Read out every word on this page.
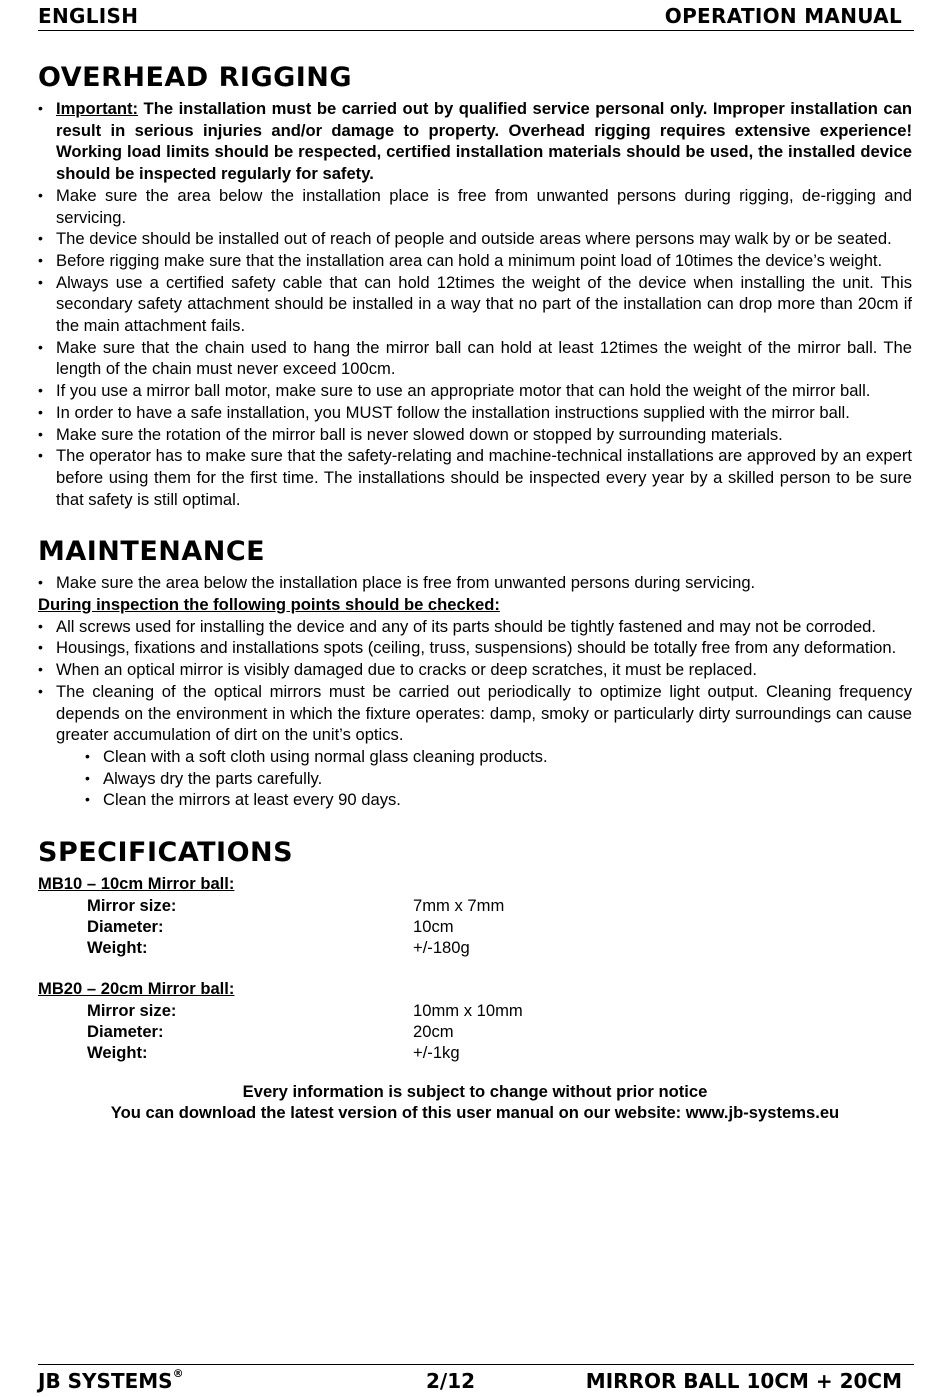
ENGLISH	OPERATION MANUAL
OVERHEAD RIGGING
• Important: The installation must be carried out by qualified service personal only. Improper installation can result in serious injuries and/or damage to property. Overhead rigging requires extensive experience! Working load limits should be respected, certified installation materials should be used, the installed device should be inspected regularly for safety.
• Make sure the area below the installation place is free from unwanted persons during rigging, de-rigging and servicing.
• The device should be installed out of reach of people and outside areas where persons may walk by or be seated.
• Before rigging make sure that the installation area can hold a minimum point load of 10times the device’s weight.
• Always use a certified safety cable that can hold 12times the weight of the device when installing the unit. This secondary safety attachment should be installed in a way that no part of the installation can drop more than 20cm if the main attachment fails.
• Make sure that the chain used to hang the mirror ball can hold at least 12times the weight of the mirror ball. The length of the chain must never exceed 100cm.
• If you use a mirror ball motor, make sure to use an appropriate motor that can hold the weight of the mirror ball.
• In order to have a safe installation, you MUST follow the installation instructions supplied with the mirror ball.
• Make sure the rotation of the mirror ball is never slowed down or stopped by surrounding materials.
• The operator has to make sure that the safety-relating and machine-technical installations are approved by an expert before using them for the first time. The installations should be inspected every year by a skilled person to be sure that safety is still optimal.
MAINTENANCE
• Make sure the area below the installation place is free from unwanted persons during servicing.
During inspection the following points should be checked:
• All screws used for installing the device and any of its parts should be tightly fastened and may not be corroded.
• Housings, fixations and installations spots (ceiling, truss, suspensions) should be totally free from any deformation.
• When an optical mirror is visibly damaged due to cracks or deep scratches, it must be replaced.
• The cleaning of the optical mirrors must be carried out periodically to optimize light output. Cleaning frequency depends on the environment in which the fixture operates: damp, smoky or particularly dirty surroundings can cause greater accumulation of dirt on the unit’s optics.
• Clean with a soft cloth using normal glass cleaning products.
• Always dry the parts carefully.
• Clean the mirrors at least every 90 days.
SPECIFICATIONS
MB10 – 10cm Mirror ball:
Mirror size:	7mm x 7mm
Diameter:	10cm
Weight:	+/-180g
MB20 – 20cm Mirror ball:
Mirror size:	10mm x 10mm
Diameter:	20cm
Weight:	+/-1kg
Every information is subject to change without prior notice
You can download the latest version of this user manual on our website: www.jb-systems.eu
JB SYSTEMS®	2/12	MIRROR BALL 10CM + 20CM
